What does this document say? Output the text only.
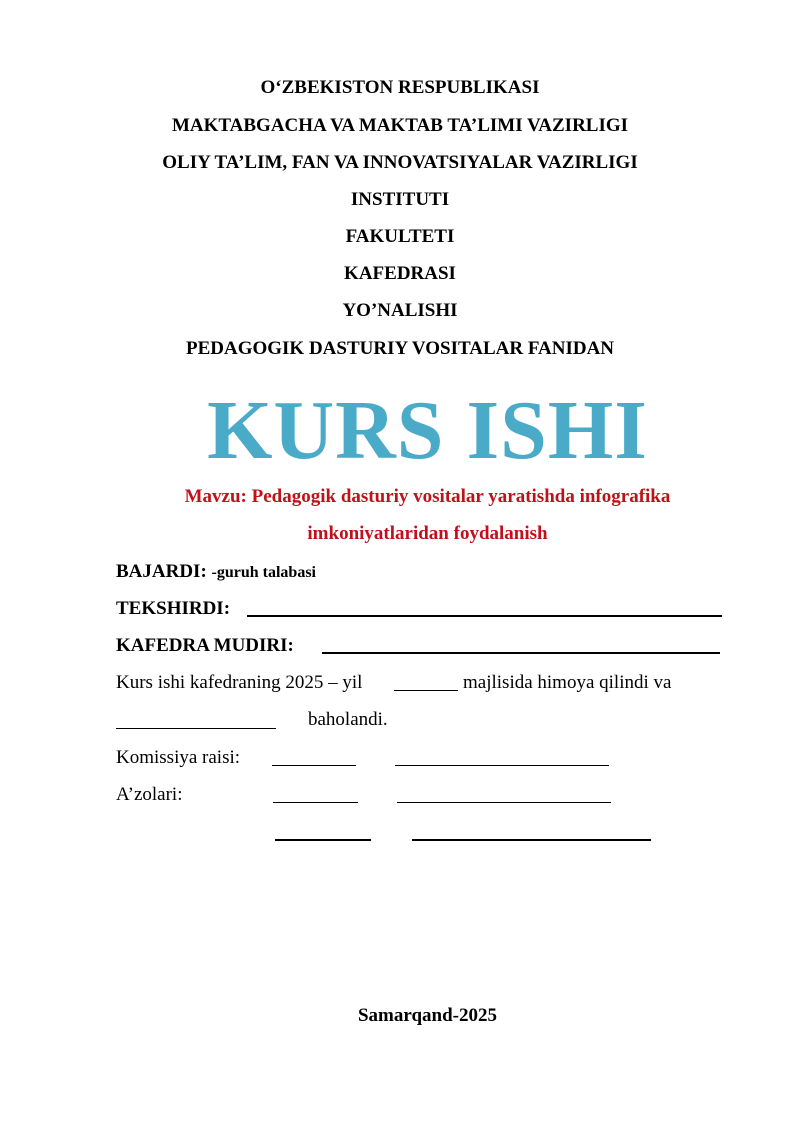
O‘ZBEKISTON RESPUBLIKASI
MAKTABGACHA VA MAKTAB TA’LIMI VAZIRLIGI
OLIY TA’LIM, FAN VA INNOVATSIYALAR VAZIRLIGI
INSTITUTI
FAKULTETI
KAFEDRASI
YO’NALISHI
PEDAGOGIK DASTURIY VOSITALAR FANIDAN
KURS ISHI
Mavzu: Pedagogik dasturiy vositalar yaratishda infografika
imkoniyatlaridan foydalanish
BAJARDI: -guruh talabasi
TEKSHIRDI:
KAFEDRA MUDIRI:
Kurs ishi kafedraning 2025 – yil	majlisida himoya qilindi va
baholandi.
Komissiya raisi:
A’zolari:
Samarqand-2025
